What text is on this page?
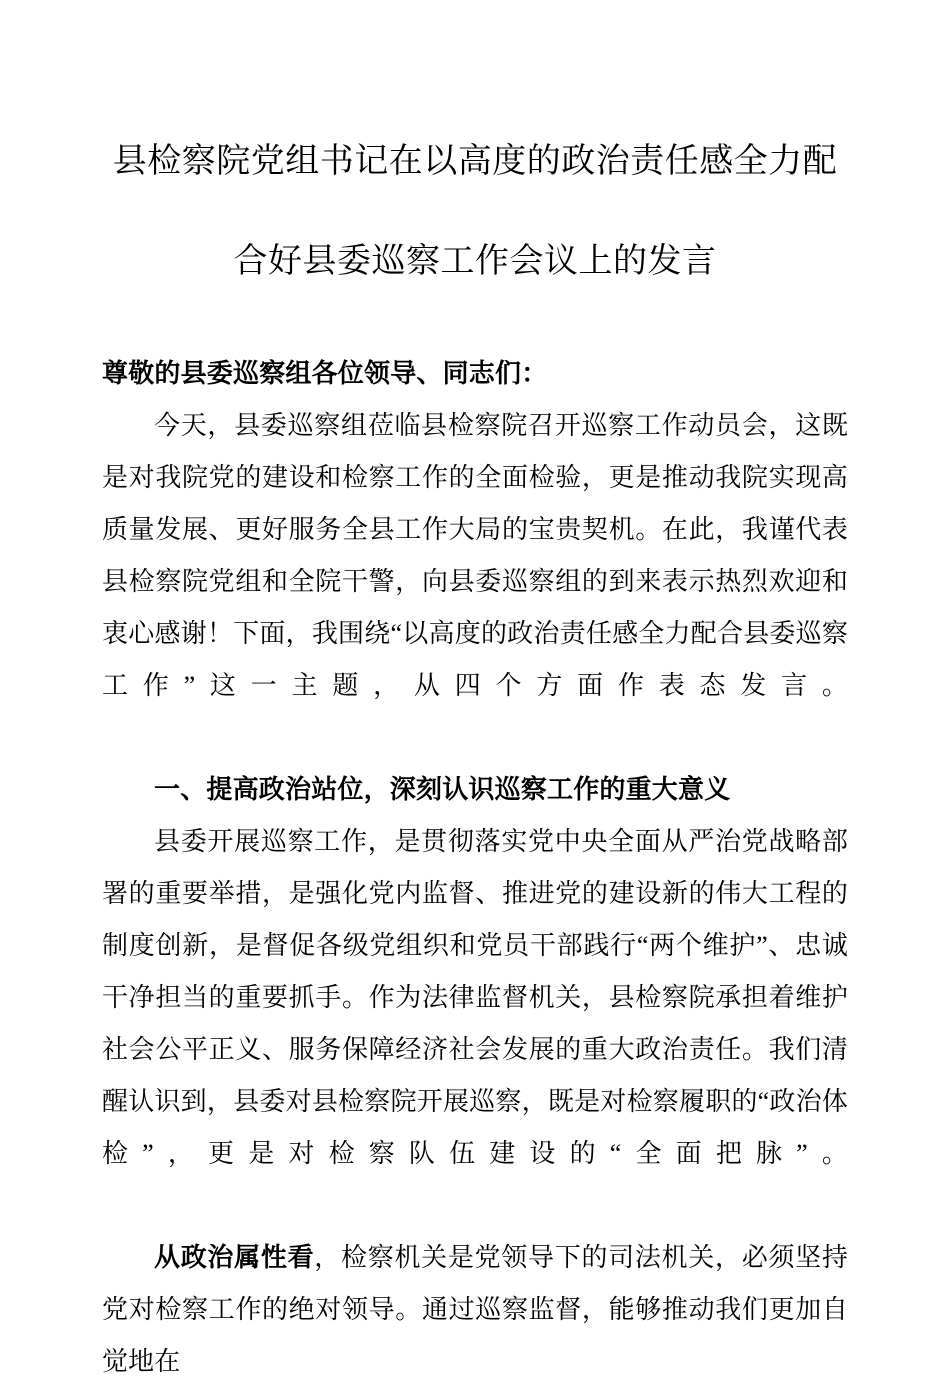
县检察院党组书记在以高度的政治责任感全力配
合好县委巡察工作会议上的发言

尊敬的县委巡察组各位领导、同志们：

今天，县委巡察组莅临县检察院召开巡察工作动员会，这既是对我院党的建设和检察工作的全面检验，更是推动我院实现高质量发展、更好服务全县工作大局的宝贵契机。在此，我谨代表县检察院党组和全院干警，向县委巡察组的到来表示热烈欢迎和衷心感谢！下面，我围绕“以高度的政治责任感全力配合县委巡察工作”这一主题，从四个方面作表态发言。

一、提高政治站位，深刻认识巡察工作的重大意义

县委开展巡察工作，是贯彻落实党中央全面从严治党战略部署的重要举措，是强化党内监督、推进党的建设新的伟大工程的制度创新，是督促各级党组织和党员干部践行“两个维护”、忠诚干净担当的重要抓手。作为法律监督机关，县检察院承担着维护社会公平正义、服务保障经济社会发展的重大政治责任。我们清醒认识到，县委对县检察院开展巡察，既是对检察履职的“政治体检”，更是对检察队伍建设的“全面把脉”。

从政治属性看，检察机关是党领导下的司法机关，必须坚持党对检察工作的绝对领导。通过巡察监督，能够推动我们更加自觉地在
